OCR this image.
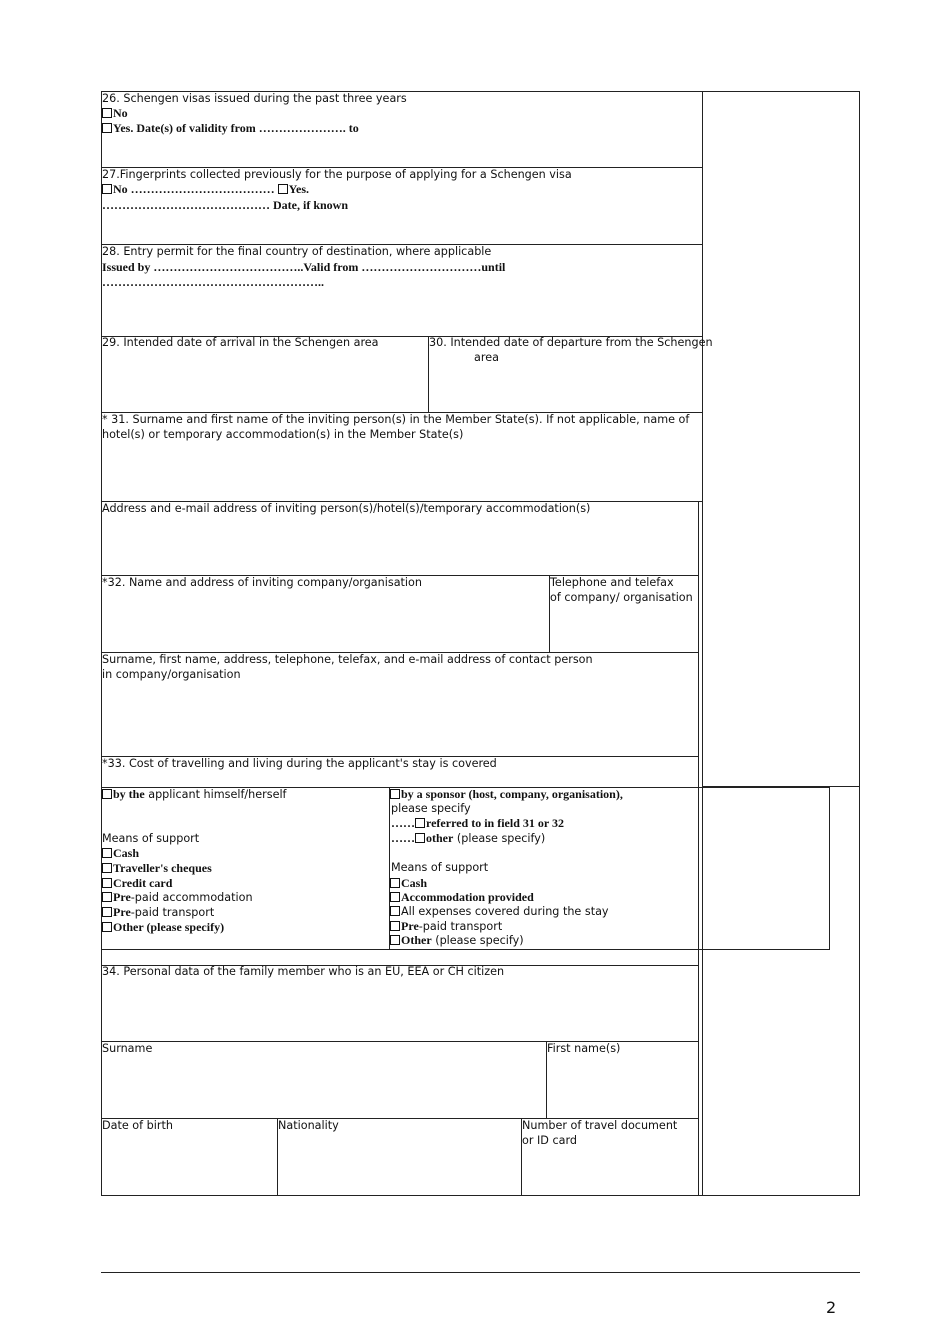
26. Schengen visas issued during the past three years
No
Yes. Date(s) of validity from …………………. to
27.Fingerprints collected previously for the purpose of applying for a Schengen visa
No ……………………………… Yes.
…………………………………… Date, if known
28. Entry permit for the final country of destination, where applicable
Issued by ………………………………..Valid from …………………………until
………………………………………………..
29. Intended date of arrival in the Schengen area	30. Intended date of departure from the Schengen
area
* 31. Surname and first name of the inviting person(s) in the Member State(s). If not applicable, name of
hotel(s) or temporary accommodation(s) in the Member State(s)
Address and e-mail address of inviting person(s)/hotel(s)/temporary accommodation(s)
*32. Name and address of inviting company/organisation	Telephone and telefax
of company/ organisation
Surname, first name, address, telephone, telefax, and e-mail address of contact person
in company/organisation
*33. Cost of travelling and living during the applicant's stay is covered
by the applicant himself/herself
Means of support
Cash
Traveller's cheques
Credit card
Pre-paid accommodation
Pre-paid transport
Other (please specify)
by a sponsor (host, company, organisation),
please specify
…… referred to in field 31 or 32
…… other (please specify)
Means of support
Cash
Accommodation provided
All expenses covered during the stay
Pre-paid transport
Other (please specify)
34. Personal data of the family member who is an EU, EEA or CH citizen
Surname	First name(s)
Date of birth	Nationality	Number of travel document
or ID card
2
